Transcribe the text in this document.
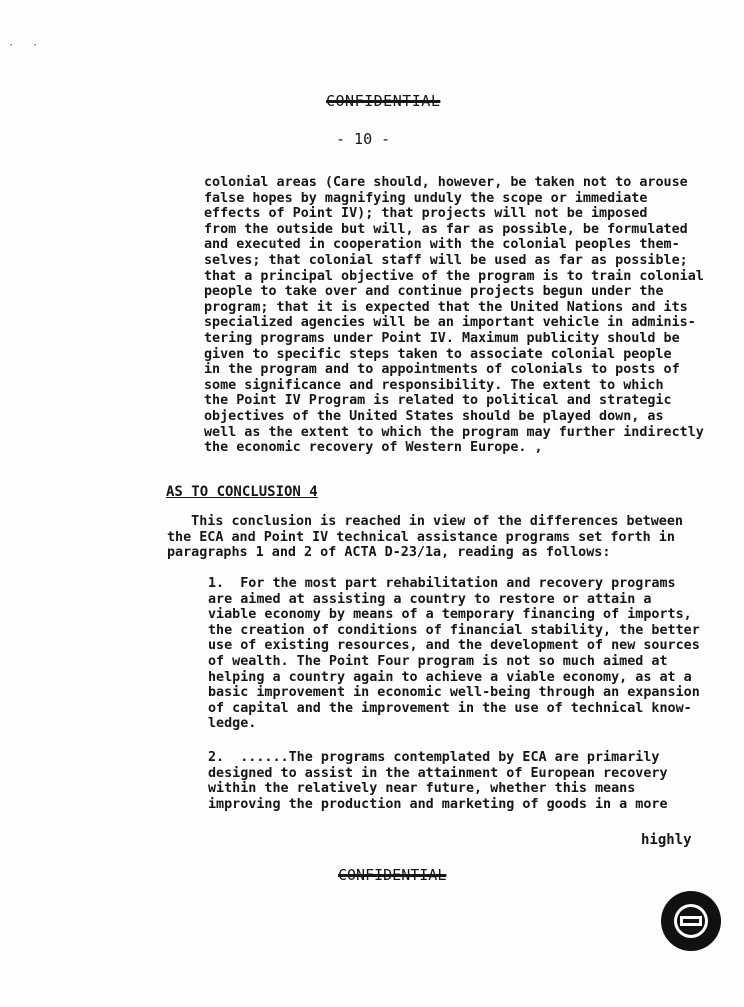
· ·
CONFIDENTIAL
- 10 -
colonial areas (Care should, however, be taken not to arouse
false hopes by magnifying unduly the scope or immediate
effects of Point IV); that projects will not be imposed
from the outside but will, as far as possible, be formulated
and executed in cooperation with the colonial peoples them-
selves; that colonial staff will be used as far as possible;
that a principal objective of the program is to train colonial
people to take over and continue projects begun under the
program; that it is expected that the United Nations and its
specialized agencies will be an important vehicle in adminis-
tering programs under Point IV. Maximum publicity should be
given to specific steps taken to associate colonial people
in the program and to appointments of colonials to posts of
some significance and responsibility. The extent to which
the Point IV Program is related to political and strategic
objectives of the United States should be played down, as
well as the extent to which the program may further indirectly
the economic recovery of Western Europe. ,
AS TO CONCLUSION 4
This conclusion is reached in view of the differences between
the ECA and Point IV technical assistance programs set forth in
paragraphs 1 and 2 of ACTA D-23/1a, reading as follows:
1.  For the most part rehabilitation and recovery programs
are aimed at assisting a country to restore or attain a
viable economy by means of a temporary financing of imports,
the creation of conditions of financial stability, the better
use of existing resources, and the development of new sources
of wealth. The Point Four program is not so much aimed at
helping a country again to achieve a viable economy, as at a
basic improvement in economic well-being through an expansion
of capital and the improvement in the use of technical know-
ledge.
2.  ......The programs contemplated by ECA are primarily
designed to assist in the attainment of European recovery
within the relatively near future, whether this means
improving the production and marketing of goods in a more
highly
CONFIDENTIAL
